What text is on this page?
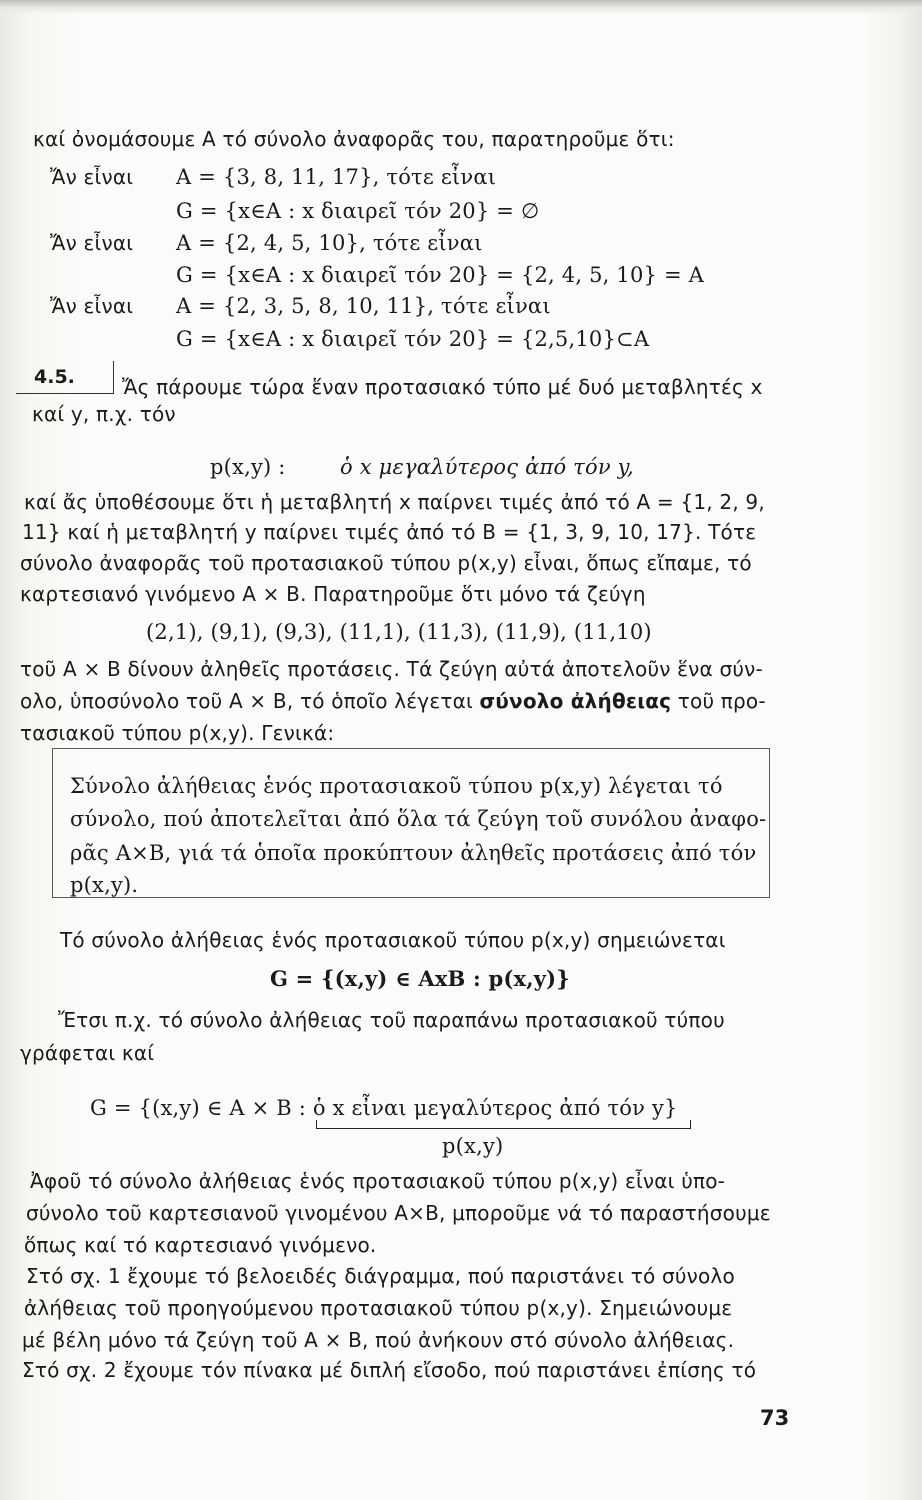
καί ὀνομάσουμε Α τό σύνολο ἀναφορᾶς του, παρατηροῦμε ὅτι:
Ἄν εἶναι A = {3, 8, 11, 17}, τότε εἶναι
G = {x∈A : x διαιρεῖ τόν 20} = ∅
Ἄν εἶναι A = {2, 4, 5, 10}, τότε εἶναι
G = {x∈A : x διαιρεῖ τόν 20} = {2, 4, 5, 10} = A
Ἄν εἶναι A = {2, 3, 5, 8, 10, 11}, τότε εἶναι
G = {x∈A : x διαιρεῖ τόν 20} = {2,5,10}⊂A
4.5. Ἄς πάρουμε τώρα ἕναν προτασιακό τύπο μέ δυό μεταβλητές x
καί y, π.χ. τόν
p(x,y) :	ὁ x μεγαλύτερος ἀπό τόν y,
καί ἄς ὑποθέσουμε ὅτι ἡ μεταβλητή x παίρνει τιμές ἀπό τό A = {1, 2, 9,
11} καί ἡ μεταβλητή y παίρνει τιμές ἀπό τό B = {1, 3, 9, 10, 17}. Τότε
σύνολο ἀναφορᾶς τοῦ προτασιακοῦ τύπου p(x,y) εἶναι, ὅπως εἴπαμε, τό
καρτεσιανό γινόμενο A × B. Παρατηροῦμε ὅτι μόνο τά ζεύγη
(2,1), (9,1), (9,3), (11,1), (11,3), (11,9), (11,10)
τοῦ A × B δίνουν ἀληθεῖς προτάσεις. Τά ζεύγη αὐτά ἀποτελοῦν ἕνα σύν-
ολο, ὑποσύνολο τοῦ A × B, τό ὁποῖο λέγεται σύνολο ἀλήθειας τοῦ προ-
τασιακοῦ τύπου p(x,y). Γενικά:
Σύνολο ἀλήθειας ἑνός προτασιακοῦ τύπου p(x,y) λέγεται τό
σύνολο, πού ἀποτελεῖται ἀπό ὅλα τά ζεύγη τοῦ συνόλου ἀναφο-
ρᾶς A×B, γιά τά ὁποῖα προκύπτουν ἀληθεῖς προτάσεις ἀπό τόν
p(x,y).
Τό σύνολο ἀλήθειας ἑνός προτασιακοῦ τύπου p(x,y) σημειώνεται
G = {(x,y) ∈ AxB : p(x,y)}
Ἔτσι π.χ. τό σύνολο ἀλήθειας τοῦ παραπάνω προτασιακοῦ τύπου
γράφεται καί
G = {(x,y) ∈ A × B : ὁ x εἶναι μεγαλύτερος ἀπό τόν y}
p(x,y)
Ἀφοῦ τό σύνολο ἀλήθειας ἑνός προτασιακοῦ τύπου p(x,y) εἶναι ὑπο-
σύνολο τοῦ καρτεσιανοῦ γινομένου A×B, μποροῦμε νά τό παραστήσουμε
ὅπως καί τό καρτεσιανό γινόμενο.
Στό σχ. 1 ἔχουμε τό βελοειδές διάγραμμα, πού παριστάνει τό σύνολο
ἀλήθειας τοῦ προηγούμενου προτασιακοῦ τύπου p(x,y). Σημειώνουμε
μέ βέλη μόνο τά ζεύγη τοῦ A × B, πού ἀνήκουν στό σύνολο ἀλήθειας.
Στό σχ. 2 ἔχουμε τόν πίνακα μέ διπλή εἴσοδο, πού παριστάνει ἐπίσης τό
73
